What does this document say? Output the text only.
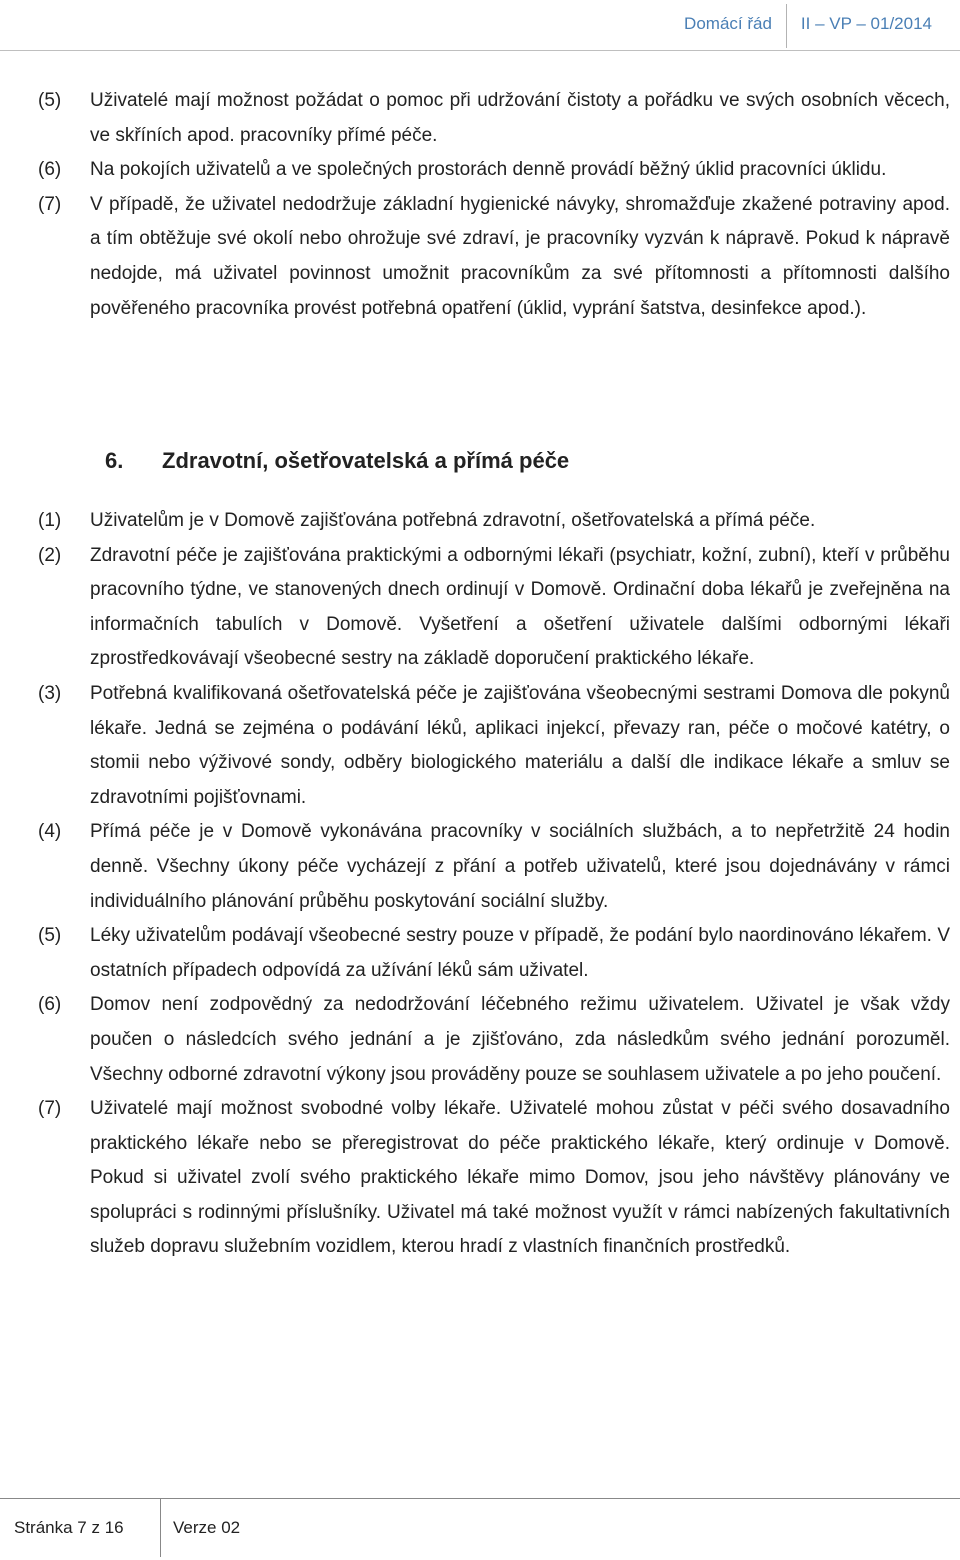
Domácí řád	II – VP – 01/2014
(5)	Uživatelé mají možnost požádat o pomoc při udržování čistoty a pořádku ve svých osobních věcech, ve skříních apod. pracovníky přímé péče.
(6)	Na pokojích uživatelů a ve společných prostorách denně provádí běžný úklid pracovníci úklidu.
(7)	V případě, že uživatel nedodržuje základní hygienické návyky, shromažďuje zkažené potraviny apod. a tím obtěžuje své okolí nebo ohrožuje své zdraví, je pracovníky vyzván k nápravě. Pokud k nápravě nedojde, má uživatel povinnost umožnit pracovníkům za své přítomnosti a přítomnosti dalšího pověřeného pracovníka provést potřebná opatření (úklid, vyprání šatstva, desinfekce apod.).
6.	Zdravotní, ošetřovatelská a přímá péče
(1)	Uživatelům je v Domově zajišťována potřebná zdravotní, ošetřovatelská a přímá péče.
(2)	Zdravotní péče je zajišťována praktickými a odbornými lékaři (psychiatr, kožní, zubní), kteří v průběhu pracovního týdne, ve stanovených dnech ordinují v Domově. Ordinační doba lékařů je zveřejněna na informačních tabulích v Domově. Vyšetření a ošetření uživatele dalšími odbornými lékaři zprostředkovávají všeobecné sestry na základě doporučení praktického lékaře.
(3)	Potřebná kvalifikovaná ošetřovatelská péče je zajišťována všeobecnými sestrami Domova dle pokynů lékaře. Jedná se zejména o podávání léků, aplikaci injekcí, převazy ran, péče o močové katétry, o stomii nebo výživové sondy, odběry biologického materiálu a další dle indikace lékaře a smluv se zdravotními pojišťovnami.
(4)	Přímá péče je v Domově vykonávána pracovníky v sociálních službách, a to nepřetržitě 24 hodin denně. Všechny úkony péče vycházejí z přání a potřeb uživatelů, které jsou dojednávány v rámci individuálního plánování průběhu poskytování sociální služby.
(5)	Léky uživatelům podávají všeobecné sestry pouze v případě, že podání bylo naordinováno lékařem. V ostatních případech odpovídá za užívání léků sám uživatel.
(6)	Domov není zodpovědný za nedodržování léčebného režimu uživatelem. Uživatel je však vždy poučen o následcích svého jednání a je zjišťováno, zda následkům svého jednání porozuměl. Všechny odborné zdravotní výkony jsou prováděny pouze se souhlasem uživatele a po jeho poučení.
(7)	Uživatelé mají možnost svobodné volby lékaře. Uživatelé mohou zůstat v péči svého dosavadního praktického lékaře nebo se přeregistrovat do péče praktického lékaře, který ordinuje v Domově. Pokud si uživatel zvolí svého praktického lékaře mimo Domov, jsou jeho návštěvy plánovány ve spolupráci s rodinnými příslušníky. Uživatel má také možnost využít v rámci nabízených fakultativních služeb dopravu služebním vozidlem, kterou hradí z vlastních finančních prostředků.
Stránka 7 z 16	Verze 02
